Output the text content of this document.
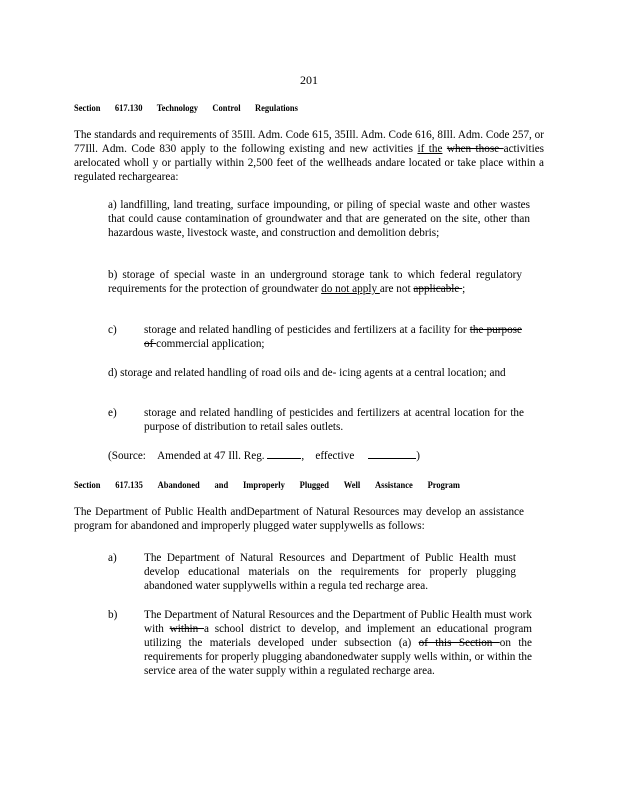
201
Section 617.130 Technology Control Regulations
The standards and requirements of 35Ill. Adm. Code 615, 35Ill. Adm. Code 616, 8Ill. Adm. Code 257, or 77Ill. Adm. Code 830 apply to the following existing and new activities if the when those activities arelocated wholl y or partially within 2,500 feet of the wellheads andare located or take place within a regulated rechargearea:
a) landfilling, land treating, surface impounding, or piling of special waste and other wastes that could cause contamination of groundwater and that are generated on the site, other than hazardous waste, livestock waste, and construction and demolition debris;
b) storage of special waste in an underground storage tank to which federal regulatory requirements for the protection of groundwater do not apply are not applicable ;
c) storage and related handling of pesticides and fertilizers at a facility for the purpose of commercial application;
d) storage and related handling of road oils and de- icing agents at a central location; and
e) storage and related handling of pesticides and fertilizers at acentral location for the purpose of distribution to retail sales outlets.
(Source: Amended at 47 Ill. Reg.	, effective	)
Section 617.135 Abandoned and Improperly Plugged Well Assistance Program
The Department of Public Health andDepartment of Natural Resources may develop an assistance program for abandoned and improperly plugged water supplywells as follows:
a) The Department of Natural Resources and Department of Public Health must develop educational materials on the requirements for properly plugging abandoned water supplywells within a regula ted recharge area.
b) The Department of Natural Resources and the Department of Public Health must work with within a school district to develop, and implement an educational program utilizing the materials developed under subsection (a) of this Section on the requirements for properly plugging abandonedwater supply wells within, or within the service area of the water supply within a regulated recharge area.
